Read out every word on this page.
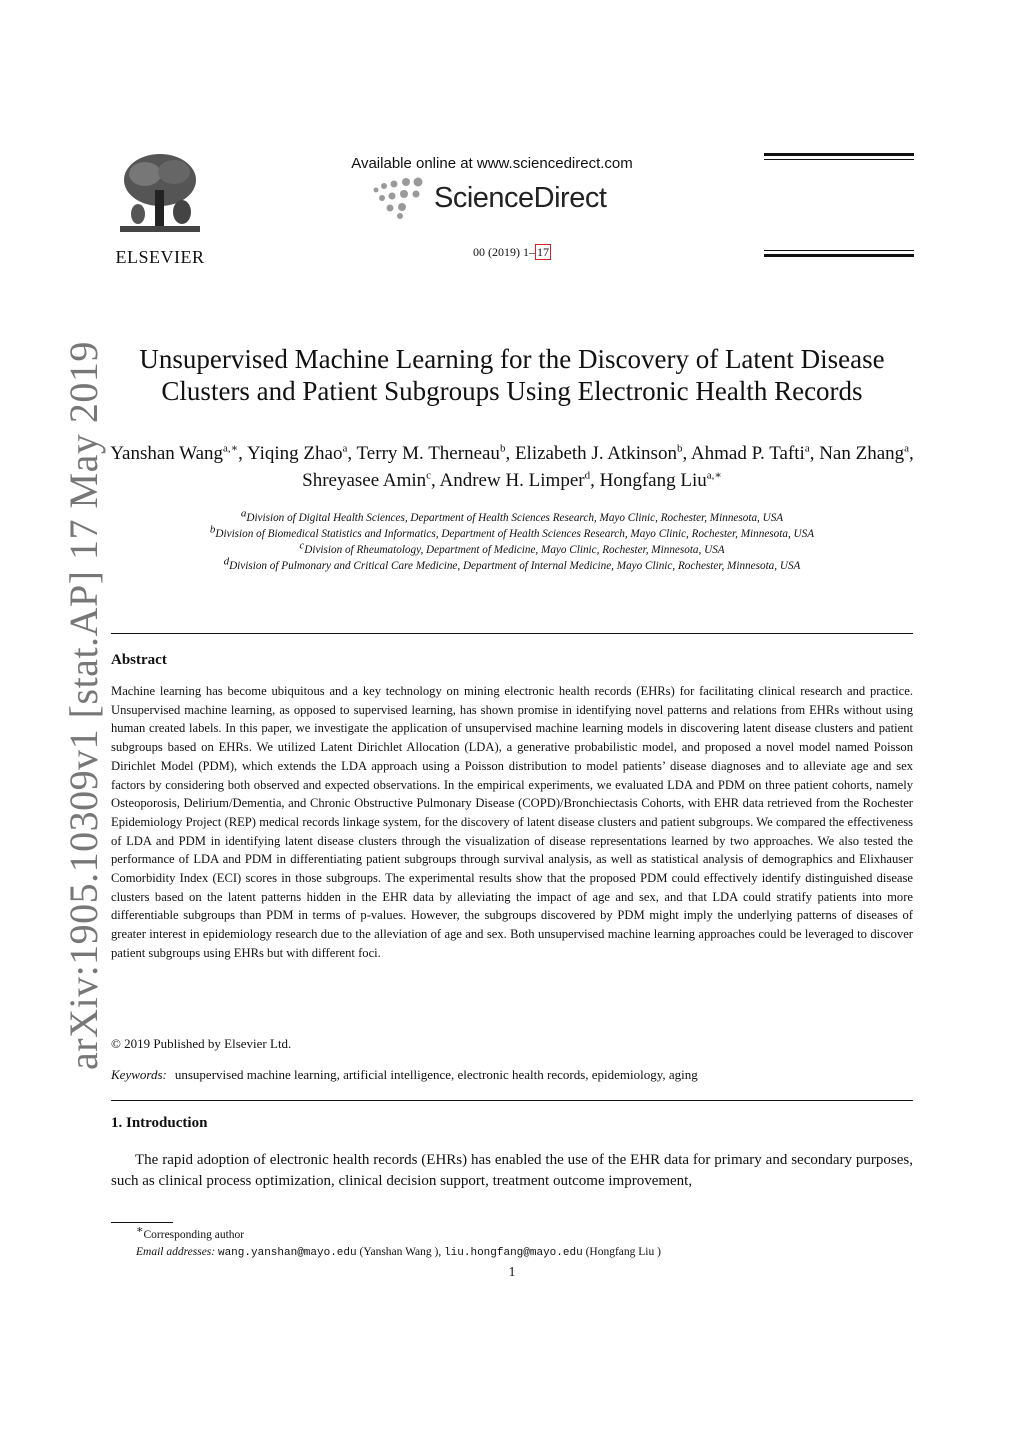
arXiv:1905.10309v1 [stat.AP] 17 May 2019
ELSEVIER
Available online at www.sciencedirect.com
ScienceDirect
00 (2019) 1– 17
Unsupervised Machine Learning for the Discovery of Latent Disease
Clusters and Patient Subgroups Using Electronic Health Records
Yanshan Wang$^{a,∗}$, Yiqing Zhao$^a$, Terry M. Therneau$^b$, Elizabeth J. Atkinson$^b$, Ahmad P. Tafti$^a$, Nan Zhang$^a$, Shreyasee Amin$^c$, Andrew H. Limper$^d$, Hongfang Liu$^{a,∗}$
$^a$Division of Digital Health Sciences, Department of Health Sciences Research, Mayo Clinic, Rochester, Minnesota, USA
$^b$Division of Biomedical Statistics and Informatics, Department of Health Sciences Research, Mayo Clinic, Rochester, Minnesota, USA
$^c$Division of Rheumatology, Department of Medicine, Mayo Clinic, Rochester, Minnesota, USA
$^d$Division of Pulmonary and Critical Care Medicine, Department of Internal Medicine, Mayo Clinic, Rochester, Minnesota, USA
Abstract

Machine learning has become ubiquitous and a key technology on mining electronic health records (EHRs) for facilitating clinical research and practice. Unsupervised machine learning, as opposed to supervised learning, has shown promise in identifying novel patterns and relations from EHRs without using human created labels. In this paper, we investigate the application of unsupervised machine learning models in discovering latent disease clusters and patient subgroups based on EHRs. We utilized Latent Dirichlet Allocation (LDA), a generative probabilistic model, and proposed a novel model named Poisson Dirichlet Model (PDM), which extends the LDA approach using a Poisson distribution to model patients’ disease diagnoses and to alleviate age and sex factors by considering both observed and expected observations. In the empirical experiments, we evaluated LDA and PDM on three patient cohorts, namely Osteoporosis, Delirium/Dementia, and Chronic Obstructive Pulmonary Disease (COPD)/Bronchiectasis Cohorts, with EHR data retrieved from the Rochester Epidemiology Project (REP) medical records linkage system, for the discovery of latent disease clusters and patient subgroups. We compared the effectiveness of LDA and PDM in identifying latent disease clusters through the visualization of disease representations learned by two approaches. We also tested the performance of LDA and PDM in differentiating patient subgroups through survival analysis, as well as statistical analysis of demographics and Elixhauser Comorbidity Index (ECI) scores in those subgroups. The experimental results show that the proposed PDM could effectively identify distinguished disease clusters based on the latent patterns hidden in the EHR data by alleviating the impact of age and sex, and that LDA could stratify patients into more differentiable subgroups than PDM in terms of p-values. However, the subgroups discovered by PDM might imply the underlying patterns of diseases of greater interest in epidemiology research due to the alleviation of age and sex. Both unsupervised machine learning approaches could be leveraged to discover patient subgroups using EHRs but with different foci.

© 2019 Published by Elsevier Ltd.
Keywords: unsupervised machine learning, artificial intelligence, electronic health records, epidemiology, aging
1. Introduction

The rapid adoption of electronic health records (EHRs) has enabled the use of the EHR data for primary and secondary purposes, such as clinical process optimization, clinical decision support, treatment outcome improvement,

∗Corresponding author
Email addresses: wang.yanshan@mayo.edu (Yanshan Wang ), liu.hongfang@mayo.edu (Hongfang Liu )
1
